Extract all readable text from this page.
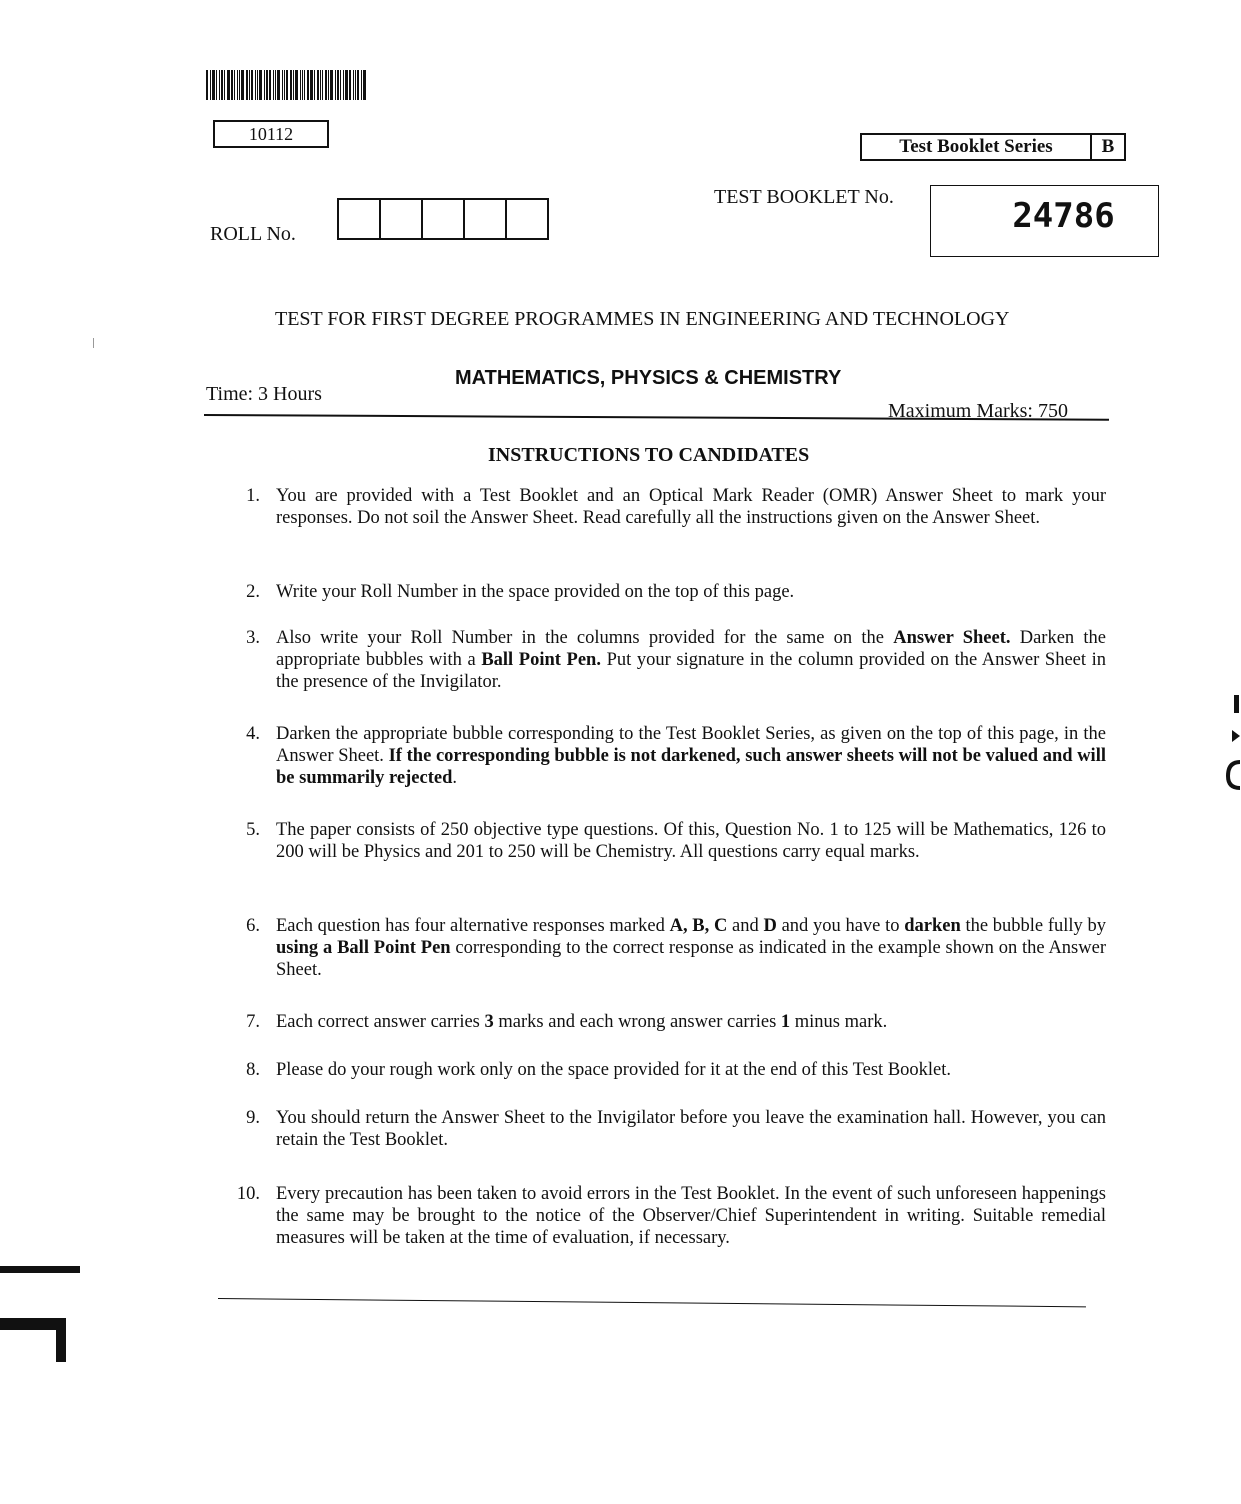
10112
Test Booklet Series	B
TEST BOOKLET No.	24786
ROLL No.
TEST FOR FIRST DEGREE PROGRAMMES IN ENGINEERING AND TECHNOLOGY
MATHEMATICS, PHYSICS & CHEMISTRY
Time: 3 Hours
Maximum Marks: 750
INSTRUCTIONS TO CANDIDATES
1. You are provided with a Test Booklet and an Optical Mark Reader (OMR) Answer Sheet to mark your responses. Do not soil the Answer Sheet. Read carefully all the instructions given on the Answer Sheet.
2. Write your Roll Number in the space provided on the top of this page.
3. Also write your Roll Number in the columns provided for the same on the Answer Sheet. Darken the appropriate bubbles with a Ball Point Pen. Put your signature in the column provided on the Answer Sheet in the presence of the Invigilator.
4. Darken the appropriate bubble corresponding to the Test Booklet Series, as given on the top of this page, in the Answer Sheet. If the corresponding bubble is not darkened, such answer sheets will not be valued and will be summarily rejected.
5. The paper consists of 250 objective type questions. Of this, Question No. 1 to 125 will be Mathematics, 126 to 200 will be Physics and 201 to 250 will be Chemistry. All questions carry equal marks.
6. Each question has four alternative responses marked A, B, C and D and you have to darken the bubble fully by using a Ball Point Pen corresponding to the correct response as indicated in the example shown on the Answer Sheet.
7. Each correct answer carries 3 marks and each wrong answer carries 1 minus mark.
8. Please do your rough work only on the space provided for it at the end of this Test Booklet.
9. You should return the Answer Sheet to the Invigilator before you leave the examination hall. However, you can retain the Test Booklet.
10. Every precaution has been taken to avoid errors in the Test Booklet. In the event of such unforeseen happenings the same may be brought to the notice of the Observer/Chief Superintendent in writing. Suitable remedial measures will be taken at the time of evaluation, if necessary.
